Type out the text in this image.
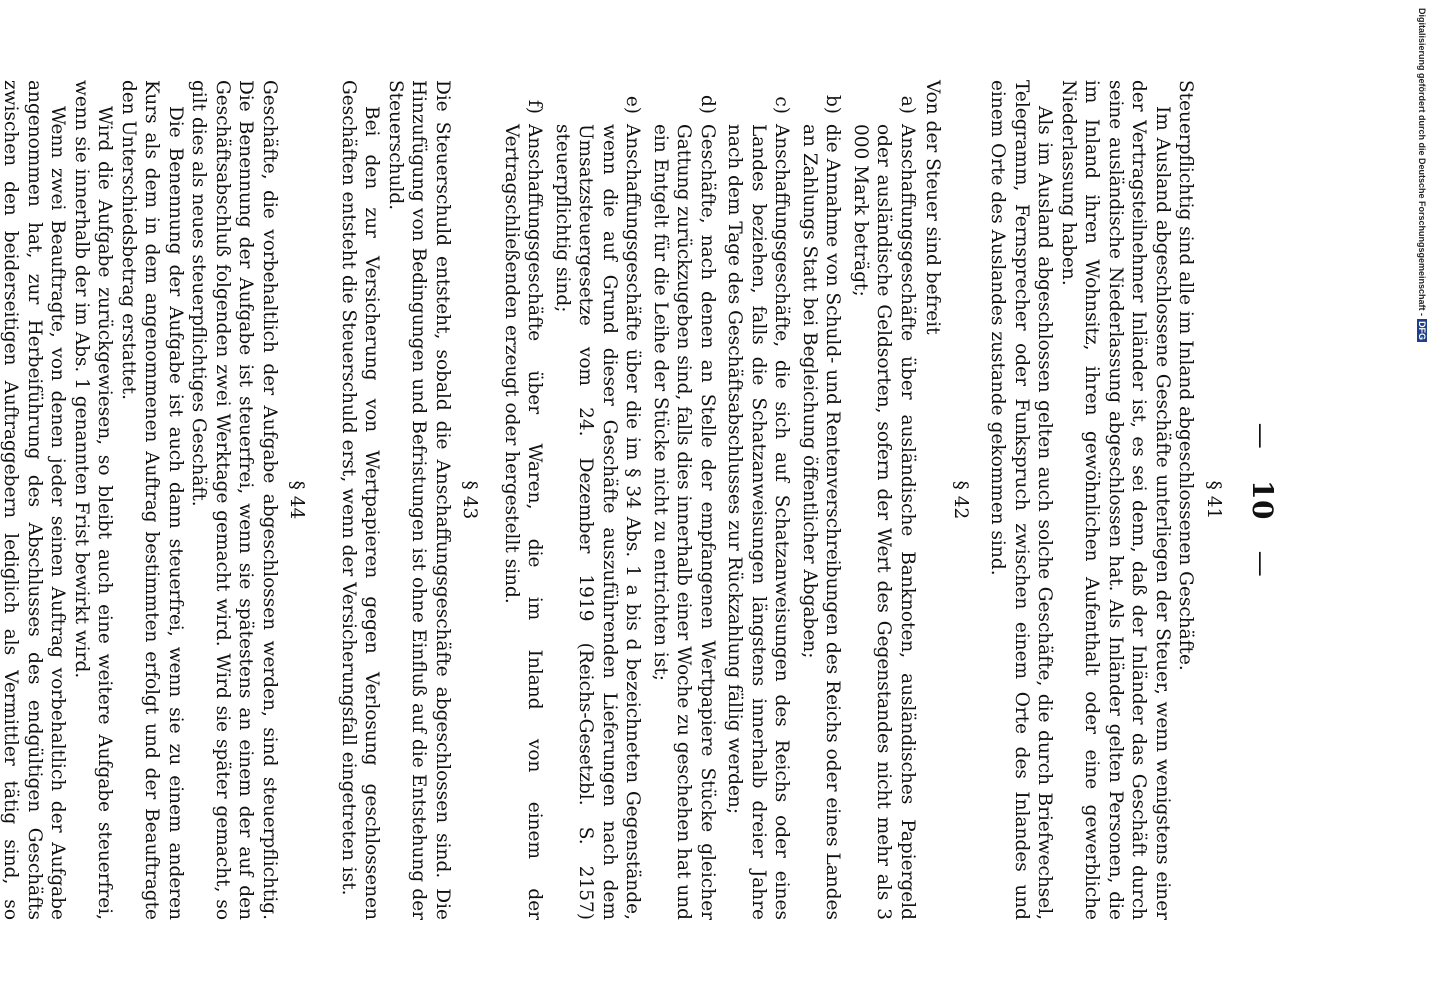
— 10 —
§ 41

Steuerpflichtig sind alle im Inland abgeschlossenen Geschäfte.

Im Ausland abgeschlossene Geschäfte unterliegen der Steuer, wenn wenigstens einer der Vertragsteilnehmer Inländer ist, es sei denn, daß der Inländer das Geschäft durch seine ausländische Niederlassung abgeschlossen hat. Als Inländer gelten Personen, die im Inland ihren Wohnsitz, ihren gewöhnlichen Aufenthalt oder eine gewerbliche Niederlassung haben.

Als im Ausland abgeschlossen gelten auch solche Geschäfte, die durch Briefwechsel, Telegramm, Fernsprecher oder Funkspruch zwischen einem Orte des Inlandes und einem Orte des Auslandes zustande gekommen sind.

§ 42

Von der Steuer sind befreit

a)
Anschaffungsgeschäfte über ausländische Banknoten, ausländisches Papiergeld oder ausländische Geldsorten, sofern der Wert des Gegenstandes nicht mehr als 3 000 Mark beträgt;
b)
die Annahme von Schuld- und Rentenverschreibungen des Reichs oder eines Landes an Zahlungs Statt bei Begleichung öffentlicher Abgaben;
c)
Anschaffungsgeschäfte, die sich auf Schatzanweisungen des Reichs oder eines Landes beziehen, falls die Schatzanweisungen längstens innerhalb dreier Jahre nach dem Tage des Geschäftsabschlusses zur Rückzahlung fällig werden;
d)
Geschäfte, nach denen an Stelle der empfangenen Wertpapiere Stücke gleicher Gattung zurückzugeben sind, falls dies innerhalb einer Woche zu geschehen hat und ein Entgelt für die Leihe der Stücke nicht zu entrichten ist;
e)
Anschaffungsgeschäfte über die im § 34 Abs. 1 a bis d bezeichneten Gegenstände, wenn die auf Grund dieser Geschäfte auszuführenden Lieferungen nach dem Umsatzsteuergesetze vom 24. Dezember 1919 (Reichs-Gesetzbl. S. 2157) steuerpflichtig sind;
f)
Anschaffungsgeschäfte über Waren, die im Inland von einem der Vertragschließenden erzeugt oder hergestellt sind.
§ 43

Die Steuerschuld entsteht, sobald die Anschaffungsgeschäfte abgeschlossen sind. Die Hinzufügung von Bedingungen und Befristungen ist ohne Einfluß auf die Entstehung der Steuerschuld.

Bei den zur Versicherung von Wertpapieren gegen Verlosung geschlossenen Geschäften entsteht die Steuerschuld erst, wenn der Versicherungsfall eingetreten ist.

§ 44

Geschäfte, die vorbehaltlich der Aufgabe abgeschlossen werden, sind steuerpflichtig. Die Benennung der Aufgabe ist steuerfrei, wenn sie spätestens an einem der auf den Geschäftsabschluß folgenden zwei Werktage gemacht wird. Wird sie später gemacht, so gilt dies als neues steuerpflichtiges Geschäft.

Die Benennung der Aufgabe ist auch dann steuerfrei, wenn sie zu einem anderen Kurs als dem in dem angenommenen Auftrag bestimmten erfolgt und der Beauftragte den Unterschiedsbetrag erstattet.

Wird die Aufgabe zurückgewiesen, so bleibt auch eine weitere Aufgabe steuerfrei, wenn sie innerhalb der im Abs. 1 genannten Frist bewirkt wird.

Wenn zwei Beauftragte, von denen jeder seinen Auftrag vorbehaltlich der Aufgabe angenommen hat, zur Herbeiführung des Abschlusses des endgültigen Geschäfts zwischen den beiderseitigen Auftraggebern lediglich als Vermittler tätig sind, so

Digitalisierung gefördert durch die Deutsche Forschungsgemeinschaft -DFG
